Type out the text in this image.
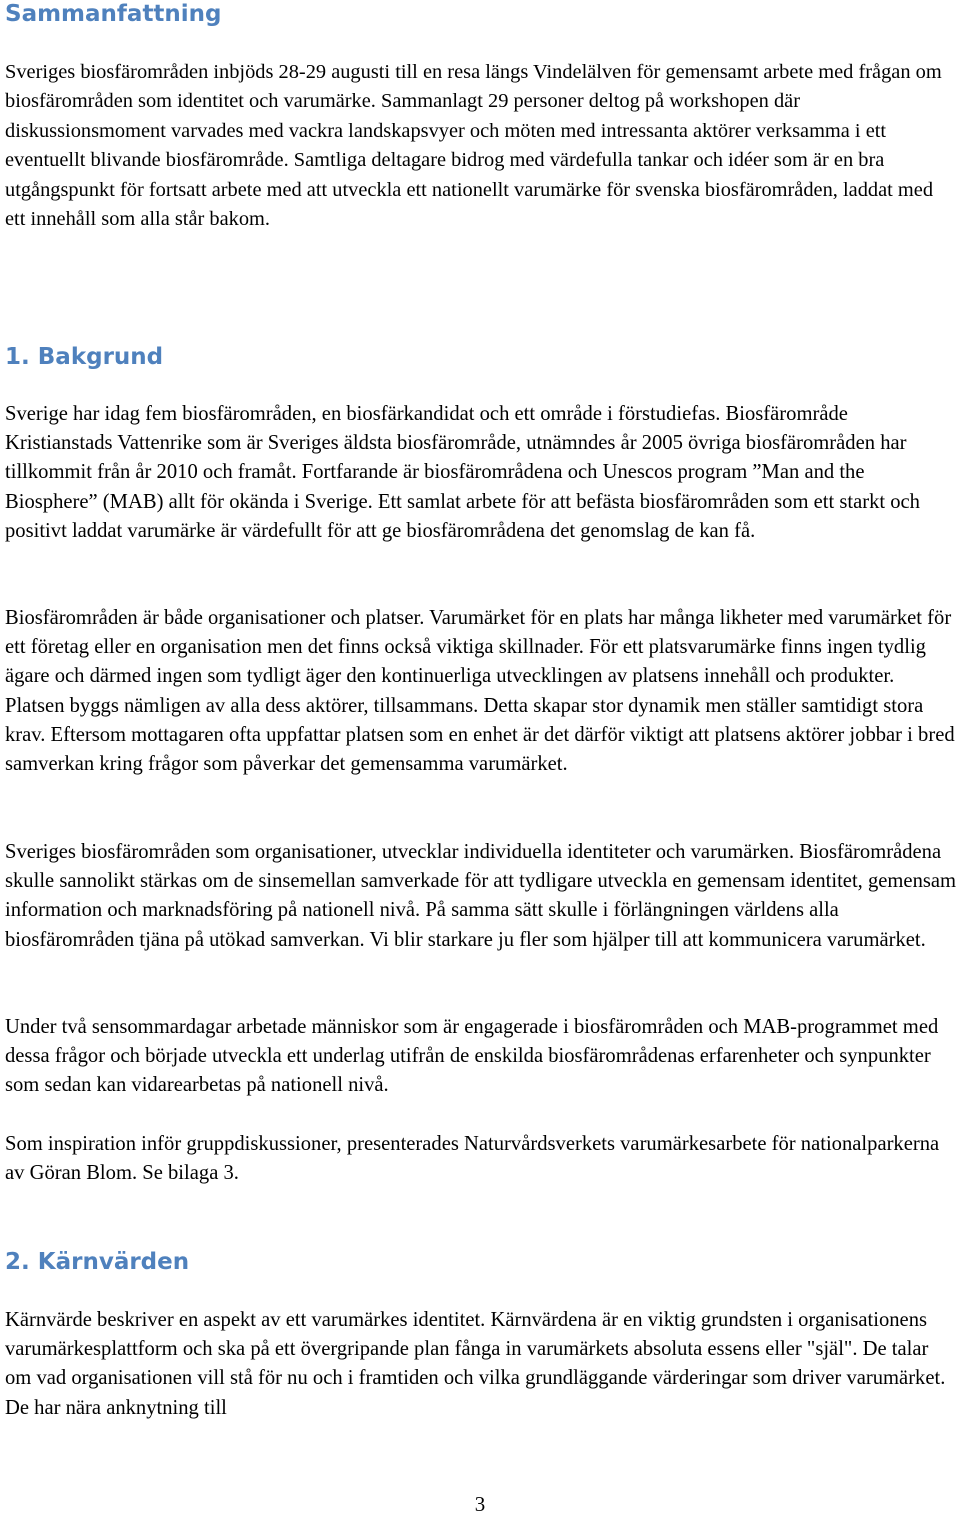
Sammanfattning

Sveriges biosfärområden inbjöds 28-29 augusti till en resa längs Vindelälven för gemensamt arbete med frågan om biosfärområden som identitet och varumärke. Sammanlagt 29 personer deltog på workshopen där diskussionsmoment varvades med vackra landskapsvyer och möten med intressanta aktörer verksamma i ett eventuellt blivande biosfärområde. Samtliga deltagare bidrog med värdefulla tankar och idéer som är en bra utgångspunkt för fortsatt arbete med att utveckla ett nationellt varumärke för svenska biosfärområden, laddat med ett innehåll som alla står bakom.

1. Bakgrund

Sverige har idag fem biosfärområden, en biosfärkandidat och ett område i förstudiefas. Biosfärområde Kristianstads Vattenrike som är Sveriges äldsta biosfärområde, utnämndes år 2005 övriga biosfärområden har tillkommit från år 2010 och framåt. Fortfarande är biosfärområdena och Unescos program ”Man and the Biosphere” (MAB) allt för okända i Sverige. Ett samlat arbete för att befästa biosfärområden som ett starkt och positivt laddat varumärke är värdefullt för att ge biosfärområdena det genomslag de kan få.

Biosfärområden är både organisationer och platser. Varumärket för en plats har många likheter med varumärket för ett företag eller en organisation men det finns också viktiga skillnader. För ett platsvarumärke finns ingen tydlig ägare och därmed ingen som tydligt äger den kontinuerliga utvecklingen av platsens innehåll och produkter. Platsen byggs nämligen av alla dess aktörer, tillsammans. Detta skapar stor dynamik men ställer samtidigt stora krav. Eftersom mottagaren ofta uppfattar platsen som en enhet är det därför viktigt att platsens aktörer jobbar i bred samverkan kring frågor som påverkar det gemensamma varumärket.

Sveriges biosfärområden som organisationer, utvecklar individuella identiteter och varumärken. Biosfärområdena skulle sannolikt stärkas om de sinsemellan samverkade för att tydligare utveckla en gemensam identitet, gemensam information och marknadsföring på nationell nivå. På samma sätt skulle i förlängningen världens alla biosfärområden tjäna på utökad samverkan. Vi blir starkare ju fler som hjälper till att kommunicera varumärket.

Under två sensommardagar arbetade människor som är engagerade i biosfärområden och MAB-programmet med dessa frågor och började utveckla ett underlag utifrån de enskilda biosfärområdenas erfarenheter och synpunkter som sedan kan vidarearbetas på nationell nivå.

Som inspiration inför gruppdiskussioner, presenterades Naturvårdsverkets varumärkesarbete för nationalparkerna av Göran Blom. Se bilaga 3.

2. Kärnvärden

Kärnvärde beskriver en aspekt av ett varumärkes identitet. Kärnvärdena är en viktig grundsten i organisationens varumärkesplattform och ska på ett övergripande plan fånga in varumärkets absoluta essens eller "själ". De talar om vad organisationen vill stå för nu och i framtiden och vilka grundläggande värderingar som driver varumärket. De har nära anknytning till

3
